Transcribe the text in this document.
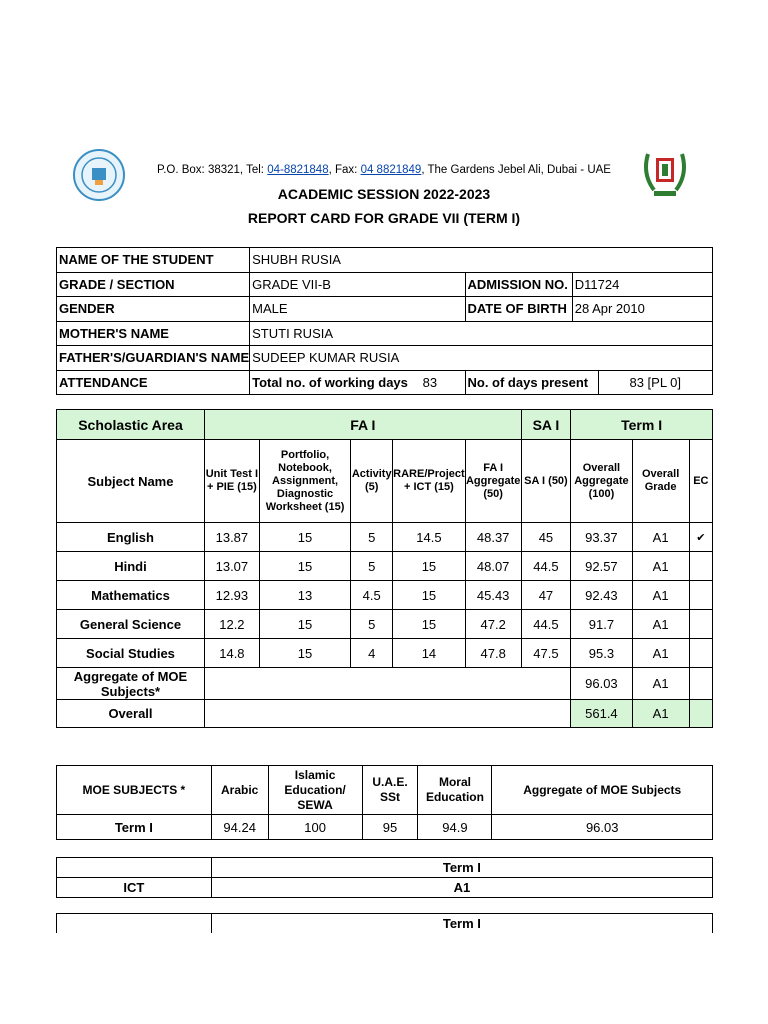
P.O. Box: 38321, Tel: 04-8821848, Fax: 04 8821849, The Gardens Jebel Ali, Dubai - UAE
ACADEMIC SESSION 2022-2023
REPORT CARD FOR GRADE VII (TERM I)
NAME OF THE STUDENT	SHUBH RUSIA		
GRADE / SECTION	GRADE VII-B	ADMISSION NO.	D11724
GENDER	MALE	DATE OF BIRTH	28 Apr 2010
MOTHER'S NAME	STUTI RUSIA		
FATHER'S/GUARDIAN'S NAME	SUDEEP KUMAR RUSIA		
ATTENDANCE	Total no. of working days 83	No. of days present 83 [PL 0]	
Scholastic Area	FA I					SA I	Term I		
Subject Name	Unit Test I + PIE (15)	Portfolio, Notebook, Assignment, Diagnostic Worksheet (15)	Activity (5)	RARE/Project + ICT (15)	FA I Aggregate (50)	SA I (50)	Overall Aggregate (100)	Overall Grade	EC
English	13.87	15	5	14.5	48.37	45	93.37	A1	✔
Hindi	13.07	15	5	15	48.07	44.5	92.57	A1	
Mathematics	12.93	13	4.5	15	45.43	47	92.43	A1	
General Science	12.2	15	5	15	47.2	44.5	91.7	A1	
Social Studies	14.8	15	4	14	47.8	47.5	95.3	A1	
Aggregate of MOE Subjects*							96.03	A1	
Overall							561.4	A1	
MOE SUBJECTS *	Arabic	Islamic Education/ SEWA	U.A.E. SSt	Moral Education	Aggregate of MOE Subjects
Term I	94.24	100	95	94.9	96.03
	Term I
ICT	A1
	Term I
